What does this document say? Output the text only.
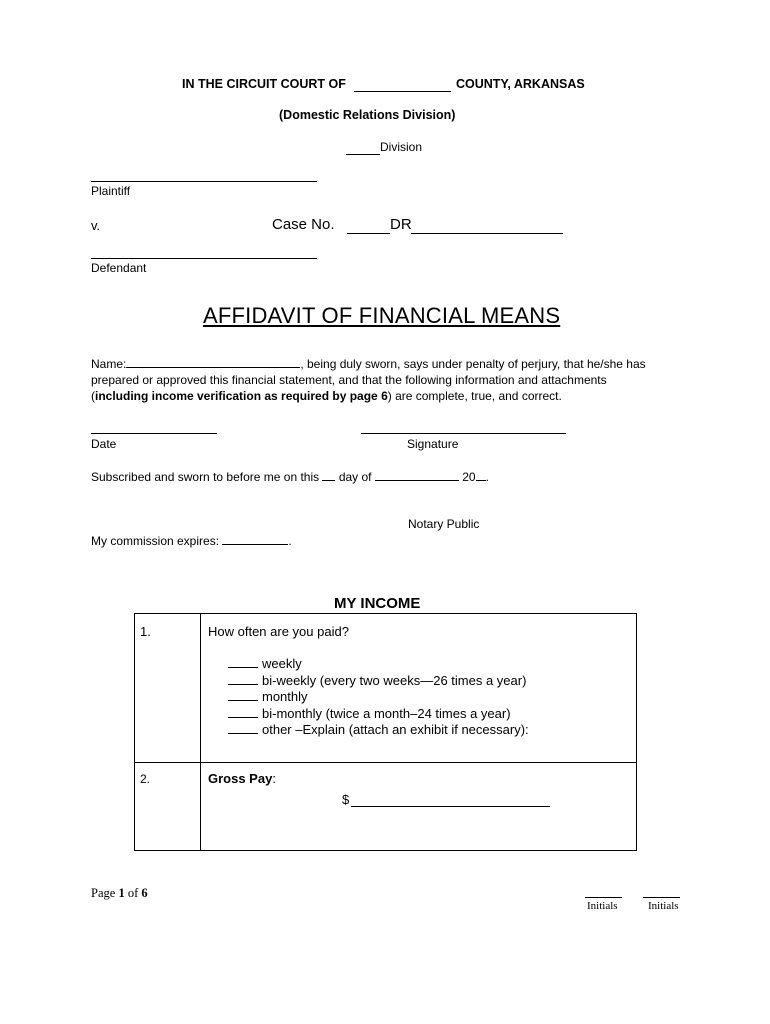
IN THE CIRCUIT COURT OF	COUNTY, ARKANSAS
(Domestic Relations Division)
Division
Plaintiff
v.	Case No.	DR
Defendant
AFFIDAVIT OF FINANCIAL MEANS
Name:	, being duly sworn, says under penalty of perjury, that he/she has
prepared or approved this financial statement, and that the following information and attachments
(including income verification as required by page 6) are complete, true, and correct.
Date	Signature
Subscribed and sworn to before me on this day of	20 .
Notary Public
My commission expires:	.
MY INCOME
1.	How often are you paid?
weekly
bi-weekly (every two weeks—26 times a year)
monthly
bi-monthly (twice a month–24 times a year)
other –Explain (attach an exhibit if necessary):
2.	Gross Pay:
$
Page 1 of 6
Initials	Initials
